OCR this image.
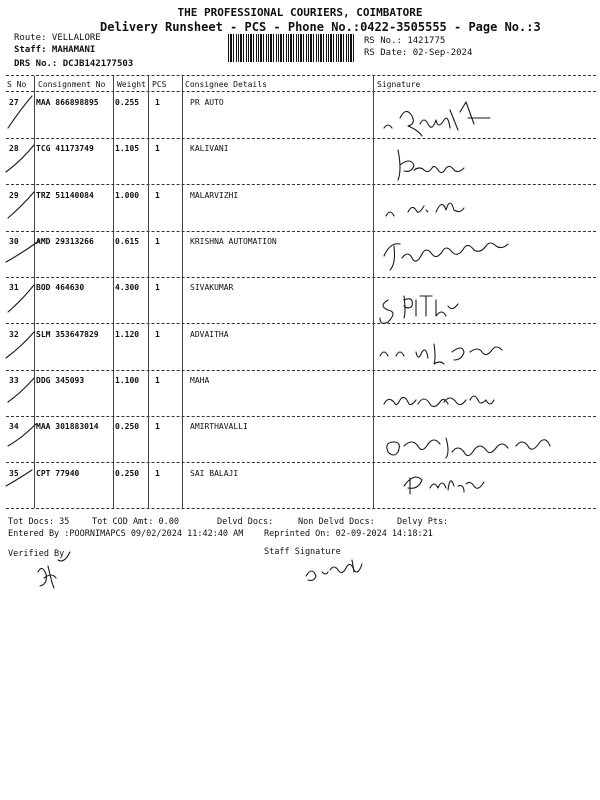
THE PROFESSIONAL COURIERS, COIMBATORE
Delivery Runsheet - PCS - Phone No.:0422-3505555 - Page No.:3
Route: VELLALORE
Staff: MAHAMANI
DRS No.: DCJB142177503
RS No.: 1421775
RS Date: 02-Sep-2024
S No Consignment No Weight PCS Consignee Details	Signature
27 MAA 866898895 0.255 1	PR AUTO
28 TCG 41173749	1.105 1	KALIVANI
29 TRZ 51140084	1.000 1	MALARVIZHI
30 AMD 29313266	0.615 1	KRISHNA AUTOMATION
31 BOD 464630	4.300 1	SIVAKUMAR
32 SLM 353647829 1.120 1	ADVAITHA
33 DDG 345093	1.100 1	MAHA
34 MAA 301883014 0.250 1	AMIRTHAVALLI
35 CPT 77940	0.250 1	SAI BALAJI
Tot Docs: 35	Tot COD Amt: 0.00	Delvd Docs:	Non Delvd Docs:	Delvy Pts:
Entered By :POORNIMAPCS 09/02/2024 11:42:40 AM Reprinted On: 02-09-2024 14:18:21
Verified By	Staff Signature
